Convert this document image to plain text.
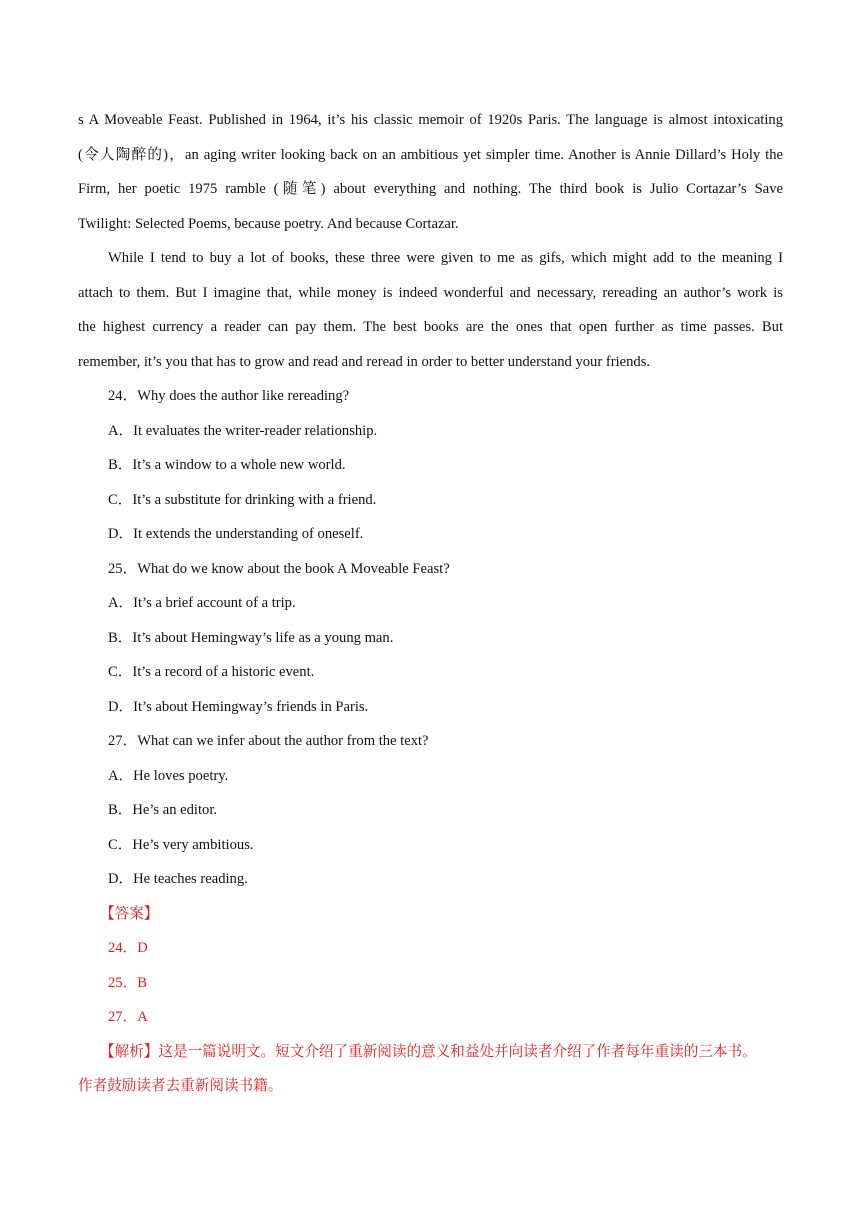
s A Moveable Feast. Published in 1964, it’s his classic memoir of 1920s Paris. The language is almost intoxicating
(令人陶醉的)，an aging writer looking back on an ambitious yet simpler time. Another is Annie Dillard’s Holy the
Firm, her poetic 1975 ramble (随笔) about everything and nothing. The third book is Julio Cortazar’s Save
Twilight: Selected Poems, because poetry. And because Cortazar.
While I tend to buy a lot of books, these three were given to me as gifs, which might add to the meaning I
attach to them. But I imagine that, while money is indeed wonderful and necessary, rereading an author’s work is
the highest currency a reader can pay them. The best books are the ones that open further as time passes. But
remember, it’s you that has to grow and read and reread in order to better understand your friends.
24．Why does the author like rereading?
A．It evaluates the writer-reader relationship.
B．It’s a window to a whole new world.
C．It’s a substitute for drinking with a friend.
D．It extends the understanding of oneself.
25．What do we know about the book A Moveable Feast?
A．It’s a brief account of a trip.
B．It’s about Hemingway’s life as a young man.
C．It’s a record of a historic event.
D．It’s about Hemingway’s friends in Paris.
27．What can we infer about the author from the text?
A．He loves poetry.
B．He’s an editor.
C．He’s very ambitious.
D．He teaches reading.
【答案】
24．D
25．B
27．A
【解析】这是一篇说明文。短文介绍了重新阅读的意义和益处并向读者介绍了作者每年重读的三本书。
作者鼓励读者去重新阅读书籍。
